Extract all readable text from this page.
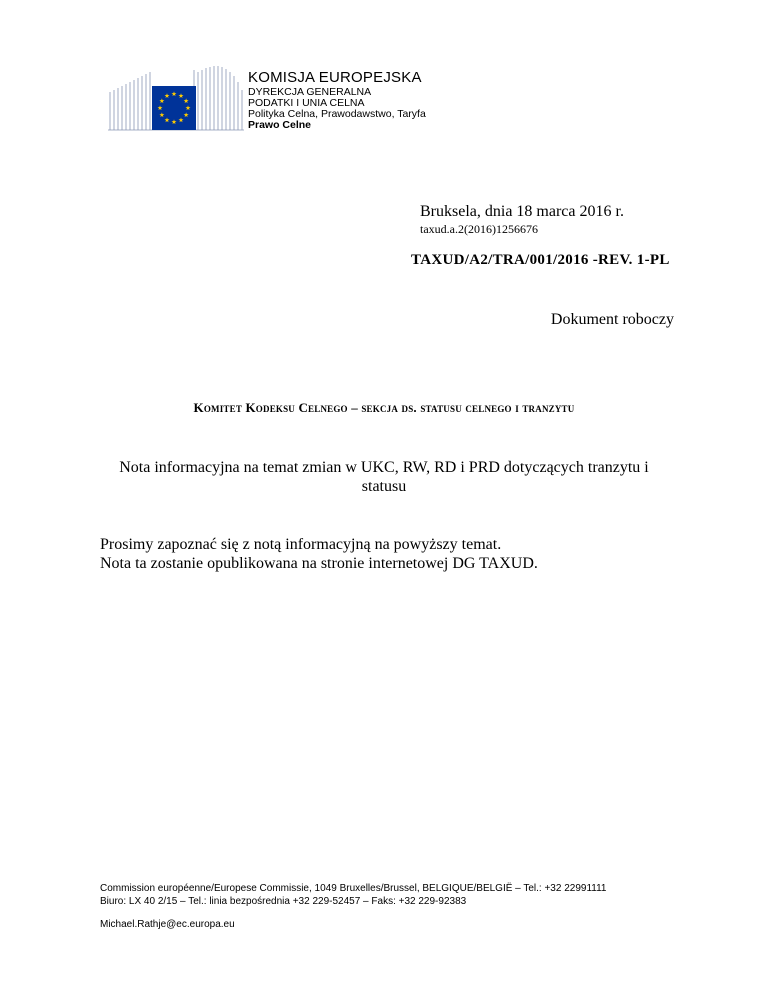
KOMISJA EUROPEJSKA
DYREKCJA GENERALNA
PODATKI I UNIA CELNA
Polityka Celna, Prawodawstwo, Taryfa
Prawo Celne
Bruksela, dnia 18 marca 2016 r.
taxud.a.2(2016)1256676
TAXUD/A2/TRA/001/2016 -REV. 1-PL
Dokument roboczy
Komitet Kodeksu Celnego – sekcja ds. statusu celnego i tranzytu
Nota informacyjna na temat zmian w UKC, RW, RD i PRD dotyczących tranzytu i statusu
Prosimy zapoznać się z notą informacyjną na powyższy temat.
Nota ta zostanie opublikowana na stronie internetowej DG TAXUD.
Commission européenne/Europese Commissie, 1049 Bruxelles/Brussel, BELGIQUE/BELGIË – Tel.: +32 22991111
Biuro: LX 40 2/15 – Tel.: linia bezpośrednia +32 229-52457 – Faks: +32 229-92383
Michael.Rathje@ec.europa.eu
